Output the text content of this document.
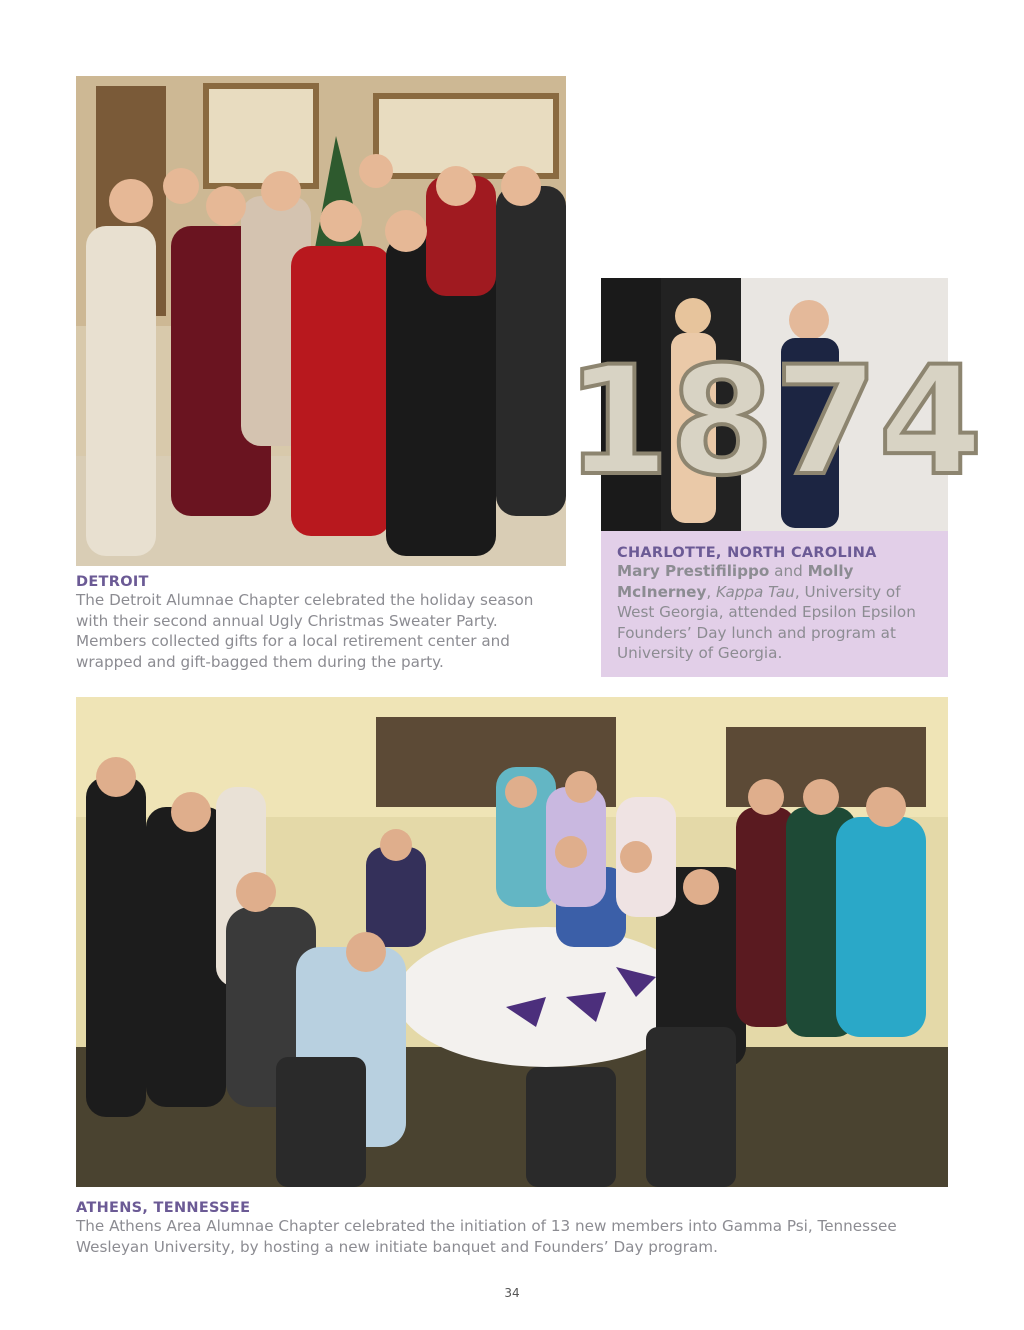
DETROIT
The Detroit Alumnae Chapter celebrated the holiday season with their second annual Ugly Christmas Sweater Party. Members collected gifts for a local retirement center and wrapped and gift-bagged them during the party.
1874
CHARLOTTE, NORTH CAROLINA
Mary Prestifilippo and Molly McInerney, Kappa Tau, University of West Georgia, attended Epsilon Epsilon Founders’ Day lunch and program at University of Georgia.
ATHENS, TENNESSEE
The Athens Area Alumnae Chapter celebrated the initiation of 13 new members into Gamma Psi, Tennessee Wesleyan University, by hosting a new initiate banquet and Founders’ Day program.
34
